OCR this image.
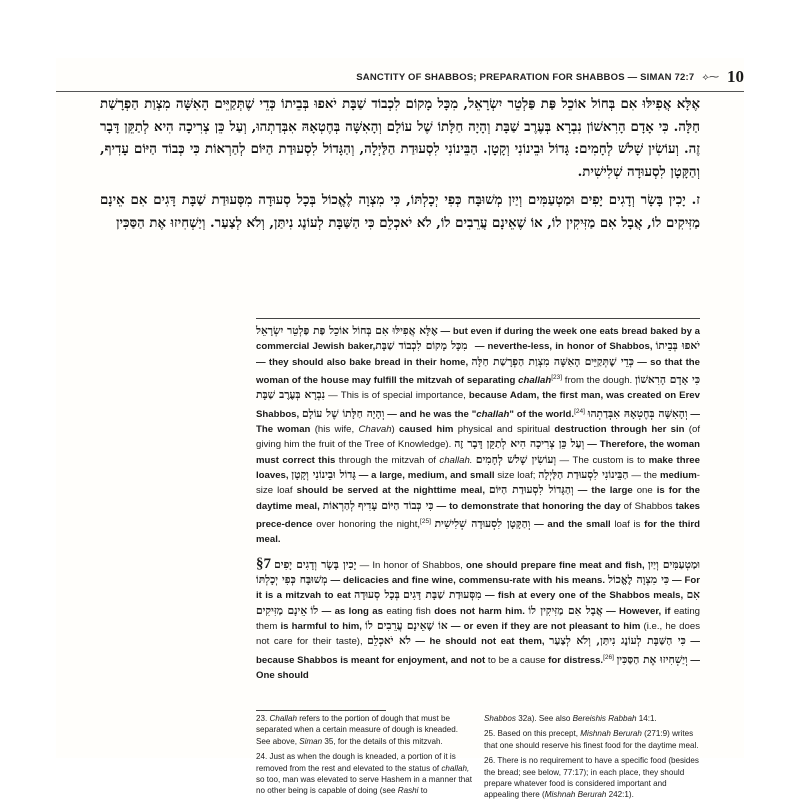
SANCTITY OF SHABBOS; PREPARATION FOR SHABBOS — SIMAN 72:7 ⟡⁓ 10

אֶלָּא אֲפִילּוּ אִם בְּחוֹל אוֹכֵל פַּת פַּלְטֵר יִשְׂרָאֵל, מִכָּל מָקוֹם לִכְבוֹד שַׁבָּת יֹאפוּ בְּבֵיתוֹ כְּדֵי שֶׁתְּקַיֵּים הָאִשָּׁה מִצְוַת הַפְרָשַׁת חַלָּה. כִּי אָדָם הָרִאשׁוֹן נִבְרָא בְּעֶרֶב שַׁבָּת וְהָיָה חַלָּתוֹ שֶׁל עוֹלָם וְהָאִשָּׁה בְּחֶטְאָהּ אִבְּדַתְהוּ, וְעַל כֵּן צְרִיכָה הִיא לְתַקֵּן דָּבָר זֶה. וְעוֹשִׂין שָׁלשׁ לְחָמִים: גָּדוֹל וּבֵינוֹנִי וְקָטָן. הַבֵּינוֹנִי לִסְעוּדַת הַלַּיְלָה, וְהַגָּדוֹל לִסְעוּדַת הַיּוֹם לְהַרְאוֹת כִּי כְּבוֹד הַיּוֹם עָדִיף, וְהַקָּטָן לִסְעוּדָה שְׁלִישִׁית.

ז. יָכִין בָּשָׂר וְדָגִים יָפִים וּמַטְעַמִּים וְיַיִן מְשׁוּבָּח כְּפִי יְכָלְתּוֹ, כִּי מִצְוָה לֶאֱכוֹל בְּכָל סְעוּדָה מִסְּעוּדַת שַׁבָּת דָּגִים אִם אֵינָם מַזִּיקִים לוֹ, אֲבָל אִם מַזִּיקִין לוֹ, אוֹ שֶׁאֵינָם עֲרֵבִים לוֹ, לֹא יֹאכְלֵם כִּי הַשַּׁבָּת לְעוֹנֶג נִיתַּן, וְלֹא לְצַעַר. וְיַשְׁחִיזוּ אֶת הַסַּכִּין

אֶלָּא אֲפִילּוּ אִם בְּחוֹל אוֹכֵל פַּת פַּלְטֵר יִשְׂרָאֵל — but even if during the week one eats bread baked by a commercial Jewish baker, מִכָּל מָקוֹם לִכְבוֹד שַׁבָּת — neverthe-less, in honor of Shabbos, יֹאפוּ בְּבֵיתוֹ — they should also bake bread in their home, כְּדֵי שֶׁתְּקַיֵּים הָאִשָּׁה מִצְוַת הַפְרָשַׁת חַלָּה — so that the woman of the house may fulfill the mitzvah of separating challah[23] from the dough. כִּי אָדָם הָרִאשׁוֹן נִבְרָא בְּעֶרֶב שַׁבָּת — This is of special importance, because Adam, the first man, was created on Erev Shabbos, וְהָיָה חַלָּתוֹ שֶׁל עוֹלָם — and he was the "challah" of the world.[24] וְהָאִשָּׁה בְּחֶטְאָהּ אִבְּדַתְהוּ — The woman (his wife, Chavah) caused him physical and spiritual destruction through her sin (of giving him the fruit of the Tree of Knowledge). וְעַל כֵּן צְרִיכָה הִיא לְתַקֵּן דָּבָר זֶה — Therefore, the woman must correct this through the mitzvah of challah. וְעוֹשִׂין שָׁלשׁ לְחָמִים — The custom is to make three loaves, גָּדוֹל וּבֵינוֹנִי וְקָטָן — a large, medium, and small size loaf; הַבֵּינוֹנִי לִסְעוּדַת הַלַּיְלָה — the medium-size loaf should be served at the nighttime meal, וְהַגָּדוֹל לִסְעוּדַת הַיּוֹם — the large one is for the daytime meal, לְהַרְאוֹת כִּי כְּבוֹד הַיּוֹם עָדִיף — to demonstrate that honoring the day of Shabbos takes prece-dence over honoring the night,[25] וְהַקָּטָן לִסְעוּדָה שְׁלִישִׁית — and the small loaf is for the third meal.

§7 יָכִין בָּשָׂר וְדָגִים יָפִים — In honor of Shabbos, one should prepare fine meat and fish, וּמַטְעַמִּים וְיַיִן מְשׁוּבָּח כְּפִי יְכָלְתּוֹ — delicacies and fine wine, commensu-rate with his means. כִּי מִצְוָה לֶאֱכוֹל — For it is a mitzvah to eat בְּכָל סְעוּדָה מִסְּעוּדַת שַׁבָּת דָּגִים — fish at every one of the Shabbos meals, אִם אֵינָם מַזִּיקִים לוֹ — as long as eating fish does not harm him. אֲבָל אִם מַזִּיקִין לוֹ — However, if eating them is harmful to him, אוֹ שֶׁאֵינָם עֲרֵבִים לוֹ — or even if they are not pleasant to him (i.e., he does not care for their taste), לֹא יֹאכְלֵם — he should not eat them, כִּי הַשַּׁבָּת לְעוֹנֶג נִיתַּן, וְלֹא לְצַעַר — because Shabbos is meant for enjoyment, and not to be a cause for distress.[26] וְיַשְׁחִיזוּ אֶת הַסַּכִּין — One should

23. Challah refers to the portion of dough that must be separated when a certain measure of dough is kneaded. See above, Siman 35, for the details of this mitzvah.

24. Just as when the dough is kneaded, a portion of it is removed from the rest and elevated to the status of challah, so too, man was elevated to serve Hashem in a manner that no other being is capable of doing (see Rashi to

Shabbos 32a). See also Bereishis Rabbah 14:1.

25. Based on this precept, Mishnah Berurah (271:9) writes that one should reserve his finest food for the daytime meal.

26. There is no requirement to have a specific food (besides the bread; see below, 77:17); in each place, they should prepare whatever food is considered important and appealing there (Mishnah Berurah 242:1).
